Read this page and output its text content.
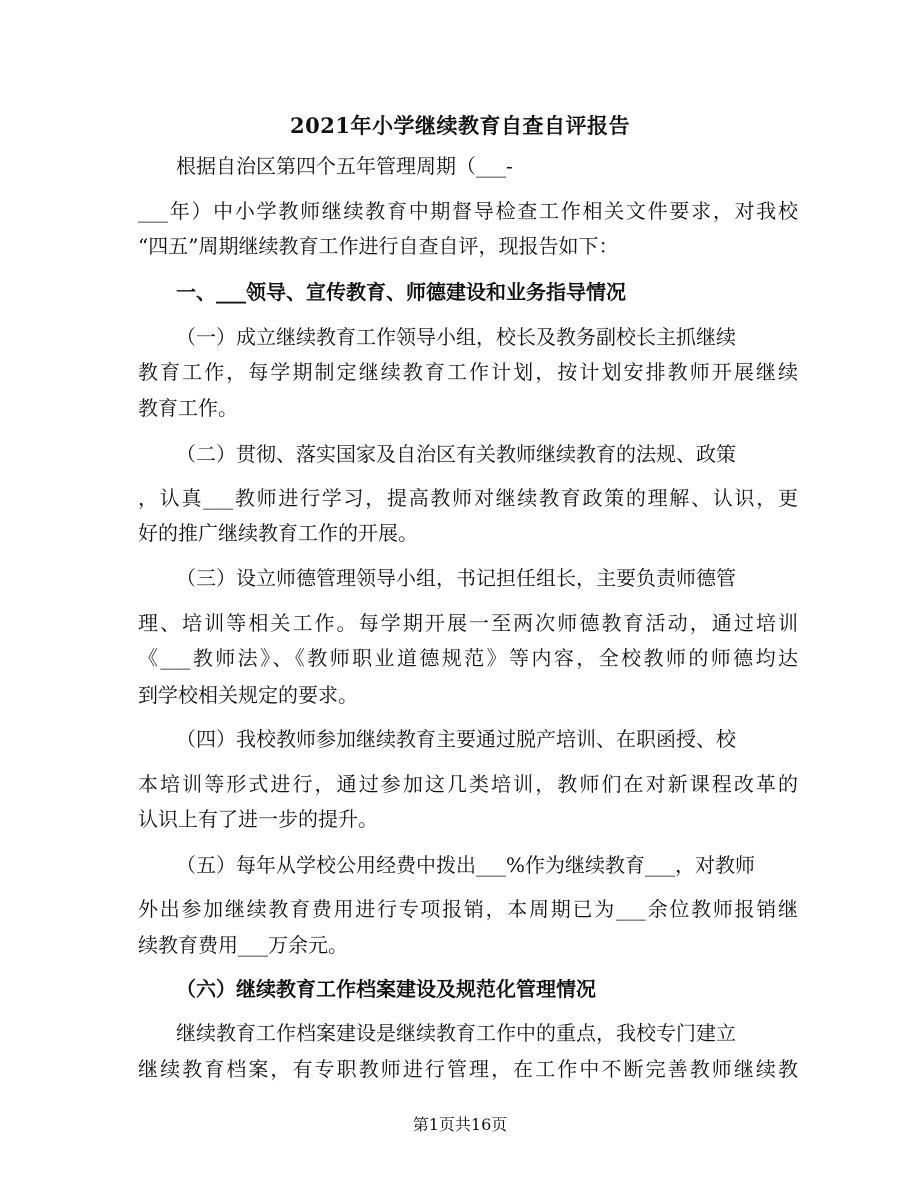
2021年小学继续教育自查自评报告
根据自治区第四个五年管理周期（___-
___年）中小学教师继续教育中期督导检查工作相关文件要求，对我校
“四五”周期继续教育工作进行自查自评，现报告如下：
一、___领导、宣传教育、师德建设和业务指导情况
（一）成立继续教育工作领导小组，校长及教务副校长主抓继续
教育工作，每学期制定继续教育工作计划，按计划安排教师开展继续
教育工作。
（二）贯彻、落实国家及自治区有关教师继续教育的法规、政策
，认真___教师进行学习，提高教师对继续教育政策的理解、认识，更
好的推广继续教育工作的开展。
（三）设立师德管理领导小组，书记担任组长，主要负责师德管
理、培训等相关工作。每学期开展一至两次师德教育活动，通过培训
《___教师法》、《教师职业道德规范》等内容，全校教师的师德均达
到学校相关规定的要求。
（四）我校教师参加继续教育主要通过脱产培训、在职函授、校
本培训等形式进行，通过参加这几类培训，教师们在对新课程改革的
认识上有了进一步的提升。
（五）每年从学校公用经费中拨出___%作为继续教育___，对教师
外出参加继续教育费用进行专项报销，本周期已为___余位教师报销继
续教育费用___万余元。
（六）继续教育工作档案建设及规范化管理情况
继续教育工作档案建设是继续教育工作中的重点，我校专门建立
继续教育档案，有专职教师进行管理，在工作中不断完善教师继续教
第1页共16页
